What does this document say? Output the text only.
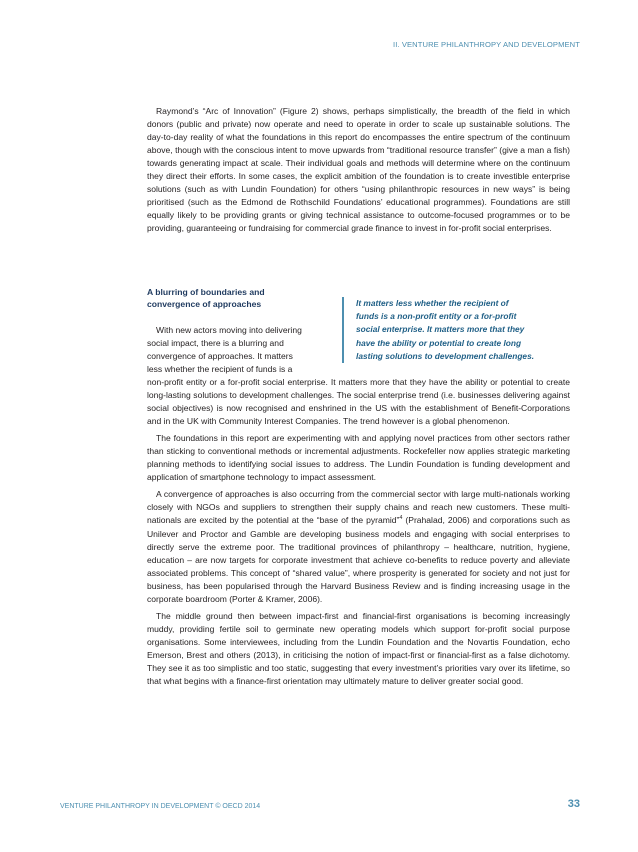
II. VENTURE PHILANTHROPY AND DEVELOPMENT

Raymond’s “Arc of Innovation” (Figure 2) shows, perhaps simplistically, the breadth of the field in which donors (public and private) now operate and need to operate in order to scale up sustainable solutions. The day-to-day reality of what the foundations in this report do encompasses the entire spectrum of the continuum above, though with the conscious intent to move upwards from “traditional resource transfer” (give a man a fish) towards generating impact at scale. Their individual goals and methods will determine where on the continuum they direct their efforts. In some cases, the explicit ambition of the foundation is to create investible enterprise solutions (such as with Lundin Foundation) for others “using philanthropic resources in new ways” is being prioritised (such as the Edmond de Rothschild Foundations’ educational programmes). Foundations are still equally likely to be providing grants or giving technical assistance to outcome-focused programmes or to be providing, guaranteeing or fundraising for commercial grade finance to invest in for-profit social enterprises.

A blurring of boundaries and
convergence of approaches
With new actors moving into delivering
social impact, there is a blurring and
convergence of approaches. It matters
less whether the recipient of funds is a
It matters less whether the recipient of
funds is a non-profit entity or a for-profit
social enterprise. It matters more that they
have the ability or potential to create long
lasting solutions to development challenges.

non-profit entity or a for-profit social enterprise. It matters more that they have the ability or potential to create long-lasting solutions to development challenges. The social enterprise trend (i.e. businesses delivering against social objectives) is now recognised and enshrined in the US with the establishment of Benefit-Corporations and in the UK with Community Interest Companies. The trend however is a global phenomenon.

The foundations in this report are experimenting with and applying novel practices from other sectors rather than sticking to conventional methods or incremental adjustments. Rockefeller now applies strategic marketing planning methods to identifying social issues to address. The Lundin Foundation is funding development and application of smartphone technology to impact assessment.

A convergence of approaches is also occurring from the commercial sector with large multi-nationals working closely with NGOs and suppliers to strengthen their supply chains and reach new customers. These multi-nationals are excited by the potential at the “base of the pyramid”$^4$ (Prahalad, 2006) and corporations such as Unilever and Proctor and Gamble are developing business models and engaging with social enterprises to directly serve the extreme poor. The traditional provinces of philanthropy – healthcare, nutrition, hygiene, education – are now targets for corporate investment that achieve co-benefits to reduce poverty and alleviate associated problems. This concept of “shared value”, where prosperity is generated for society and not just for business, has been popularised through the Harvard Business Review and is finding increasing usage in the corporate boardroom (Porter & Kramer, 2006).

The middle ground then between impact-first and financial-first organisations is becoming increasingly muddy, providing fertile soil to germinate new operating models which support for-profit social purpose organisations. Some interviewees, including from the Lundin Foundation and the Novartis Foundation, echo Emerson, Brest and others (2013), in criticising the notion of impact-first or financial-first as a false dichotomy. They see it as too simplistic and too static, suggesting that every investment’s priorities vary over its lifetime, so that what begins with a finance-first orientation may ultimately mature to deliver greater social good.

VENTURE PHILANTHROPY IN DEVELOPMENT © OECD 2014	33
